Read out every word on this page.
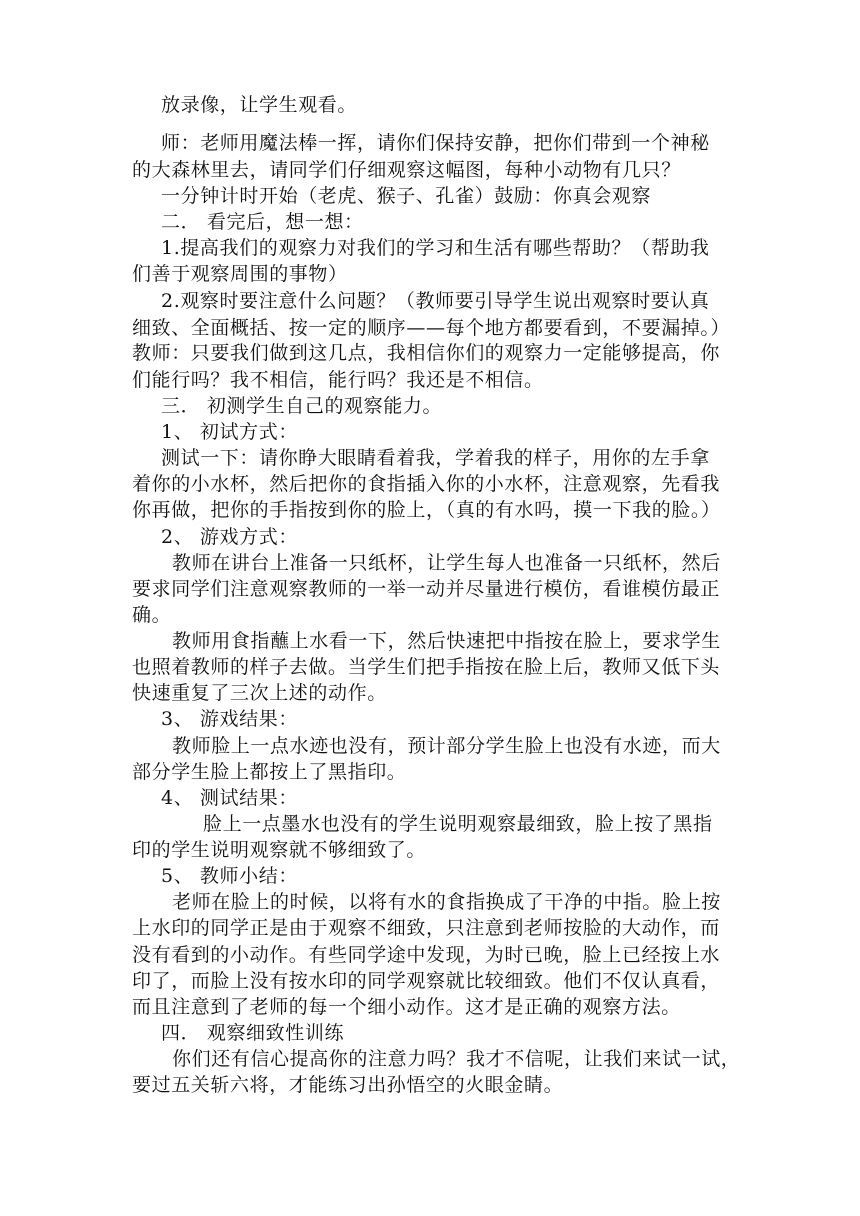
放录像，让学生观看。
师：老师用魔法棒一挥，请你们保持安静，把你们带到一个神秘
的大森林里去，请同学们仔细观察这幅图，每种小动物有几只？
一分钟计时开始（老虎、猴子、孔雀）鼓励：你真会观察
二． 看完后，想一想：
1.提高我们的观察力对我们的学习和生活有哪些帮助？（帮助我
们善于观察周围的事物）
2.观察时要注意什么问题？（教师要引导学生说出观察时要认真
细致、全面概括、按一定的顺序——每个地方都要看到，不要漏掉。）
教师：只要我们做到这几点，我相信你们的观察力一定能够提高，你
们能行吗？我不相信，能行吗？我还是不相信。
三． 初测学生自己的观察能力。
1、 初试方式：
测试一下：请你睁大眼睛看着我，学着我的样子，用你的左手拿
着你的小水杯，然后把你的食指插入你的小水杯，注意观察，先看我
你再做，把你的手指按到你的脸上，（真的有水吗，摸一下我的脸。）
2、 游戏方式：
教师在讲台上准备一只纸杯，让学生每人也准备一只纸杯，然后
要求同学们注意观察教师的一举一动并尽量进行模仿，看谁模仿最正
确。
教师用食指蘸上水看一下，然后快速把中指按在脸上，要求学生
也照着教师的样子去做。当学生们把手指按在脸上后，教师又低下头
快速重复了三次上述的动作。
3、 游戏结果：
教师脸上一点水迹也没有，预计部分学生脸上也没有水迹，而大
部分学生脸上都按上了黑指印。
4、 测试结果：
脸上一点墨水也没有的学生说明观察最细致，脸上按了黑指
印的学生说明观察就不够细致了。
5、 教师小结：
老师在脸上的时候，以将有水的食指换成了干净的中指。脸上按
上水印的同学正是由于观察不细致，只注意到老师按脸的大动作，而
没有看到的小动作。有些同学途中发现，为时已晚，脸上已经按上水
印了，而脸上没有按水印的同学观察就比较细致。他们不仅认真看，
而且注意到了老师的每一个细小动作。这才是正确的观察方法。
四． 观察细致性训练
你们还有信心提高你的注意力吗？我才不信呢，让我们来试一试，
要过五关斩六将，才能练习出孙悟空的火眼金睛。
